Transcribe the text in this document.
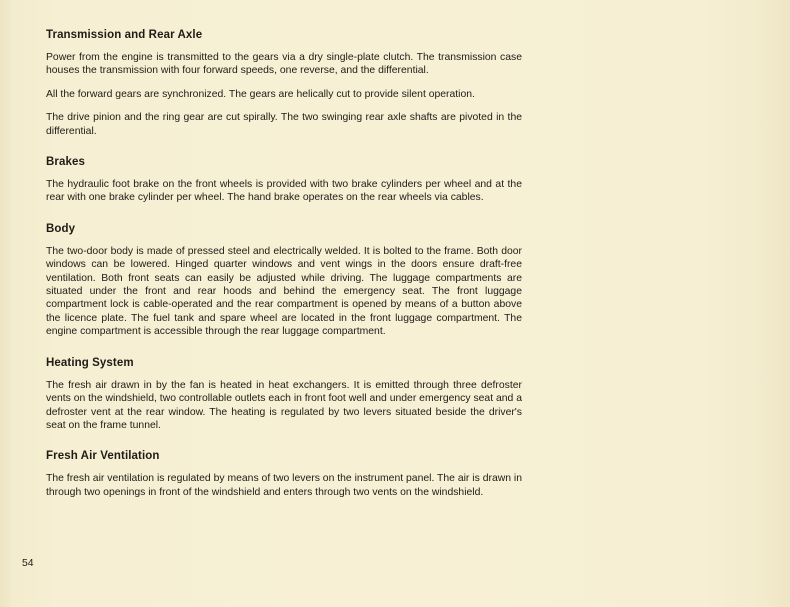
Transmission and Rear Axle

Power from the engine is transmitted to the gears via a dry single-plate clutch. The transmission case houses the transmission with four forward speeds, one reverse, and the differential.

All the forward gears are synchronized. The gears are helically cut to provide silent operation.

The drive pinion and the ring gear are cut spirally. The two swinging rear axle shafts are pivoted in the differential.

Brakes

The hydraulic foot brake on the front wheels is provided with two brake cylinders per wheel and at the rear with one brake cylinder per wheel. The hand brake operates on the rear wheels via cables.

Body

The two-door body is made of pressed steel and electrically welded. It is bolted to the frame. Both door windows can be lowered. Hinged quarter windows and vent wings in the doors ensure draft-free ventilation. Both front seats can easily be adjusted while driving. The luggage compartments are situated under the front and rear hoods and behind the emergency seat. The front luggage compartment lock is cable-operated and the rear compartment is opened by means of a button above the licence plate. The fuel tank and spare wheel are located in the front luggage compartment. The engine compartment is accessible through the rear luggage compartment.

Heating System

The fresh air drawn in by the fan is heated in heat exchangers. It is emitted through three defroster vents on the windshield, two controllable outlets each in front foot well and under emergency seat and a defroster vent at the rear window. The heating is regulated by two levers situated beside the driver's seat on the frame tunnel.

Fresh Air Ventilation

The fresh air ventilation is regulated by means of two levers on the instrument panel. The air is drawn in through two openings in front of the windshield and enters through two vents on the windshield.

54
